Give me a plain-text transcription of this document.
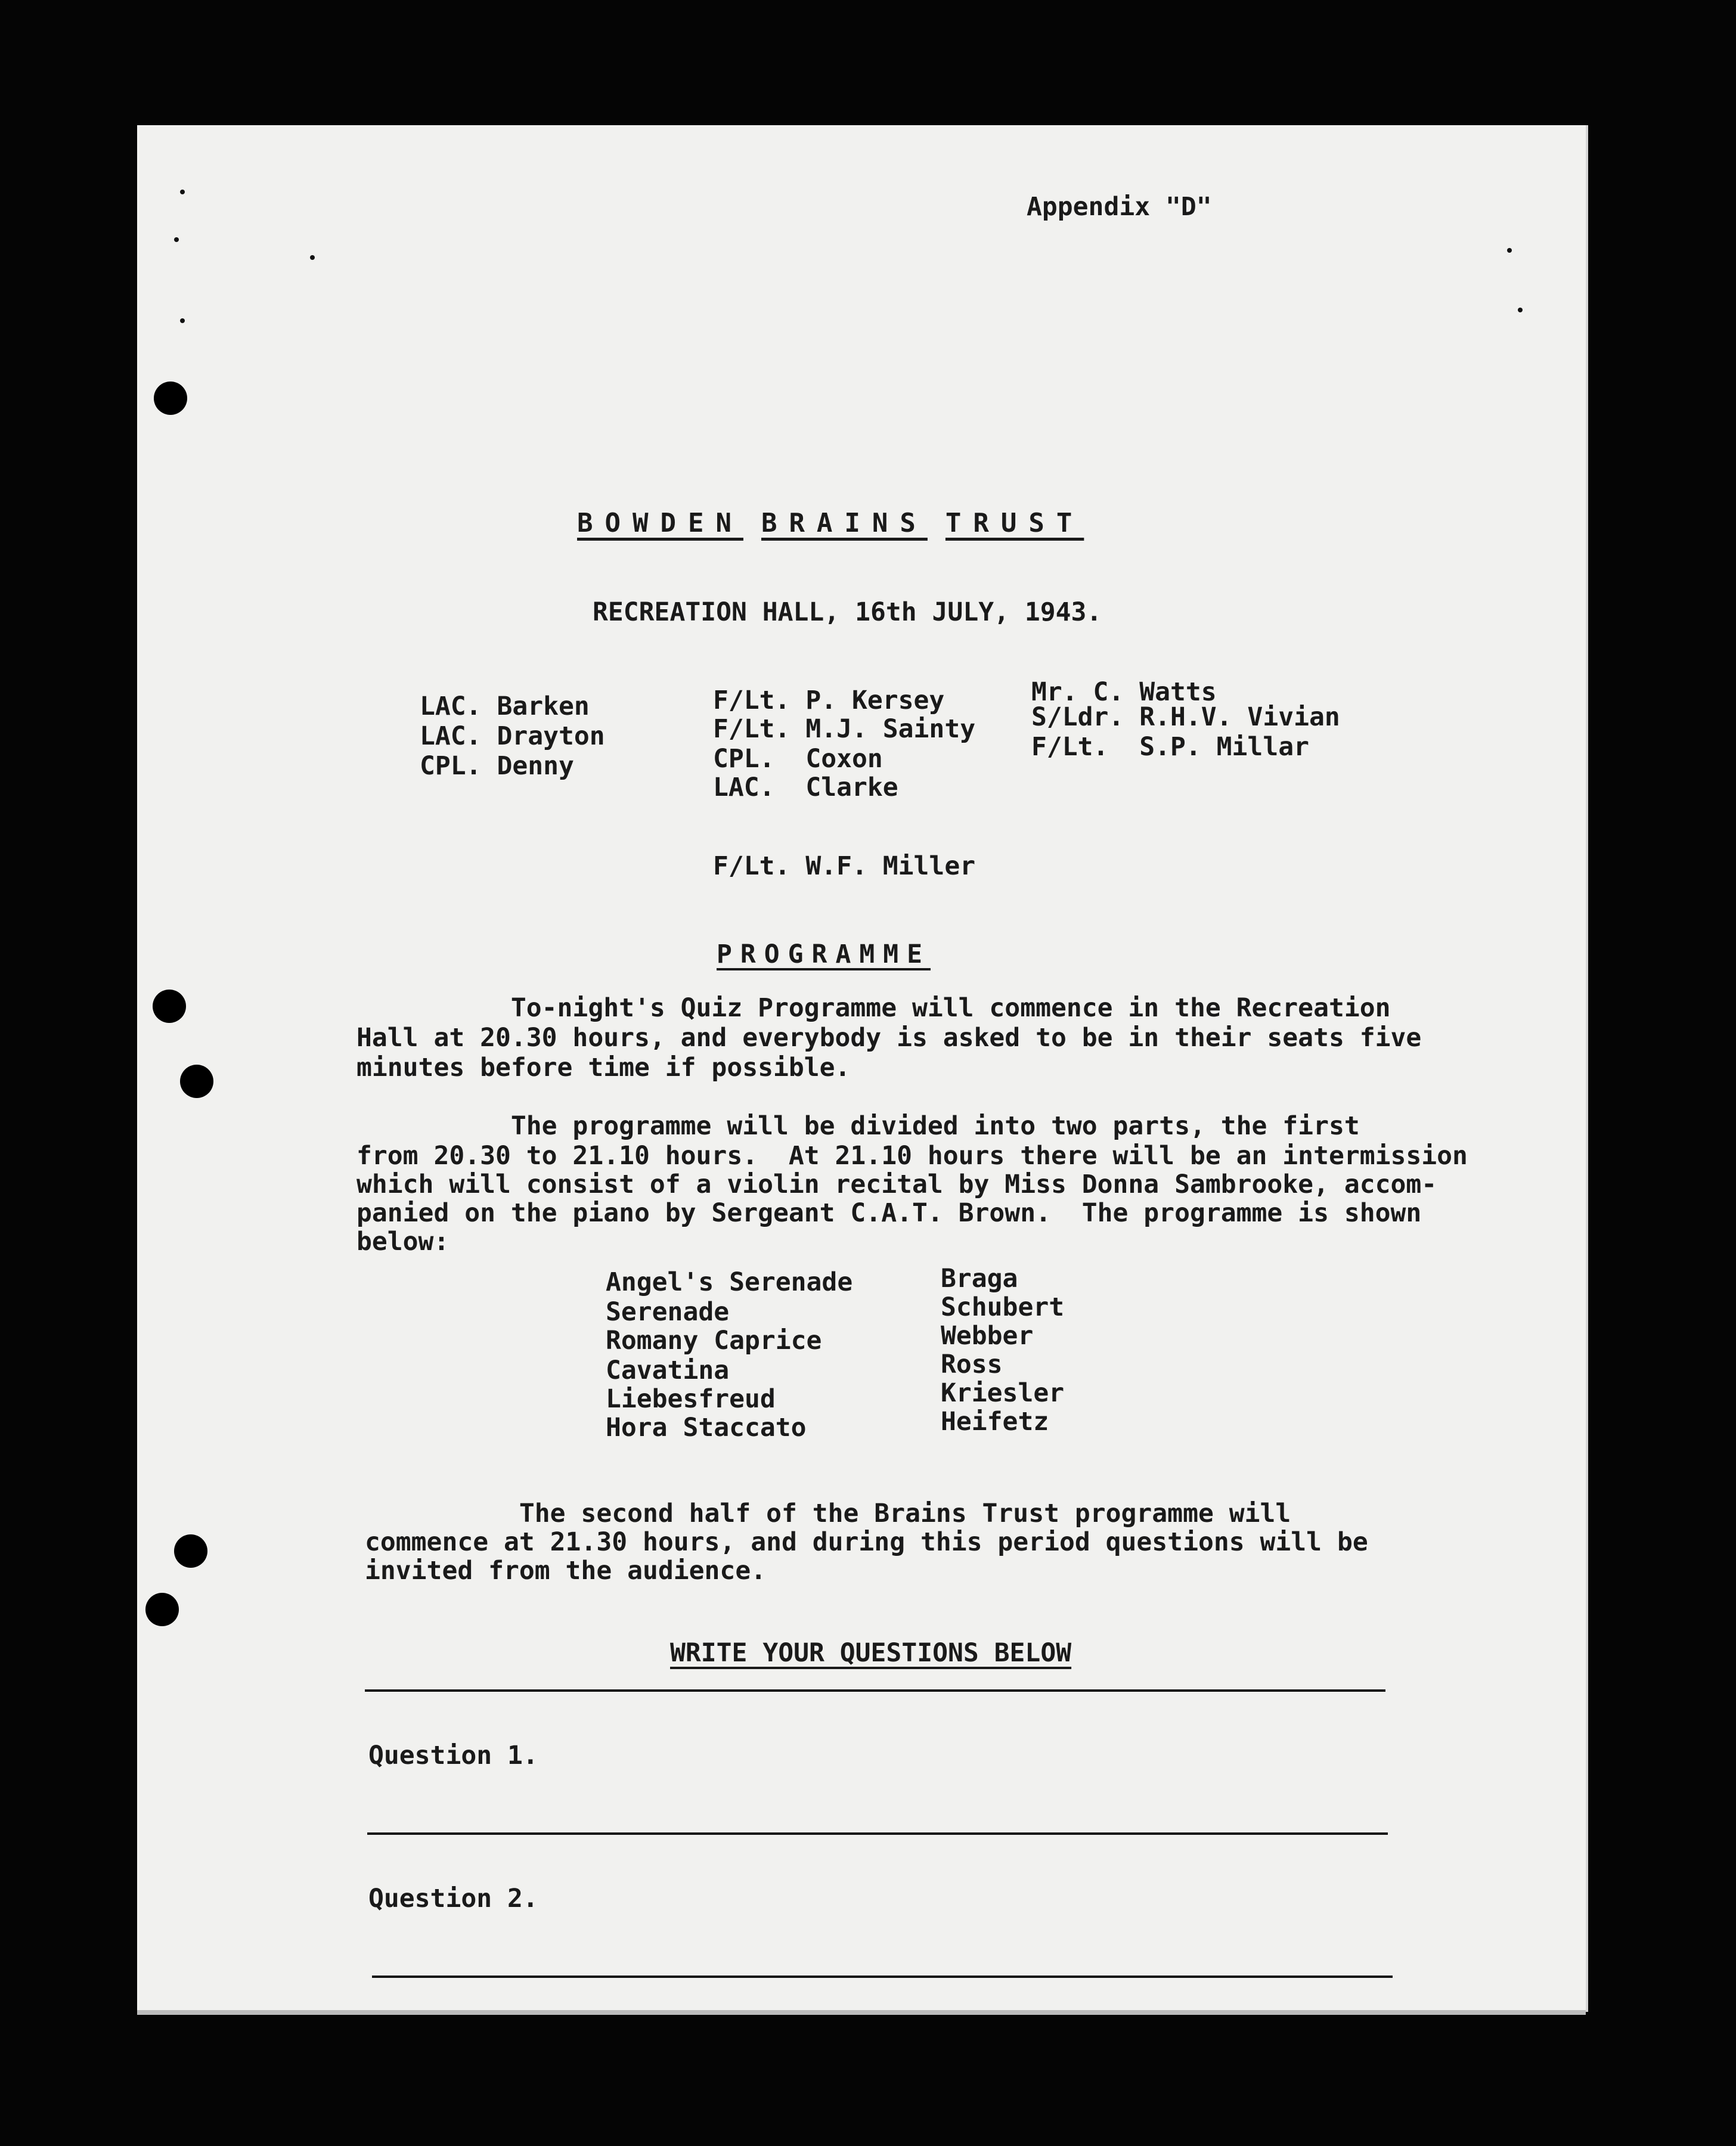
Appendix "D"
BOWDEN BRAINS TRUST
RECREATION HALL, 16th JULY, 1943.
LAC. Barken
LAC. Drayton
CPL. Denny
F/Lt. P. Kersey
F/Lt. M.J. Sainty
CPL.  Coxon
LAC.  Clarke
Mr. C. Watts
S/Ldr. R.H.V. Vivian
F/Lt.  S.P. Millar
F/Lt. W.F. Miller
PROGRAMME
To-night's Quiz Programme will commence in the Recreation
Hall at 20.30 hours, and everybody is asked to be in their seats five
minutes before time if possible.
The programme will be divided into two parts, the first
from 20.30 to 21.10 hours.  At 21.10 hours there will be an intermission
which will consist of a violin recital by Miss Donna Sambrooke, accom-
panied on the piano by Sergeant C.A.T. Brown.  The programme is shown
below:
Angel's Serenade
Serenade
Romany Caprice
Cavatina
Liebesfreud
Hora Staccato
Braga
Schubert
Webber
Ross
Kriesler
Heifetz
The second half of the Brains Trust programme will
commence at 21.30 hours, and during this period questions will be
invited from the audience.
WRITE YOUR QUESTIONS BELOW
Question 1.
Question 2.
